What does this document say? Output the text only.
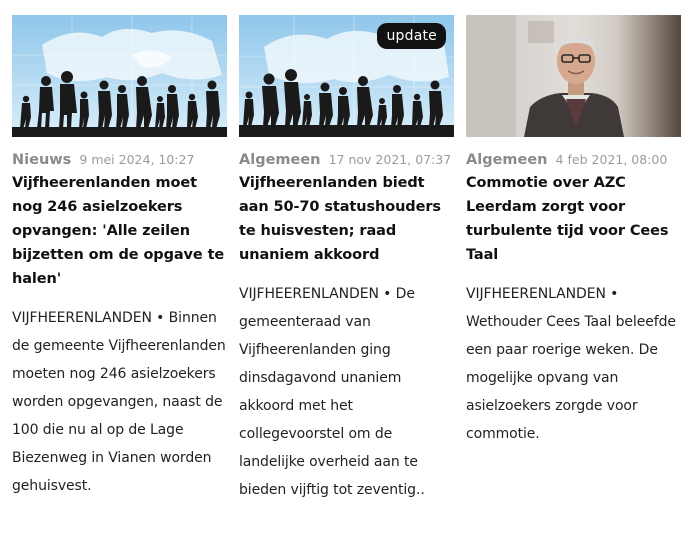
Nieuws 9 mei 2024, 10:27
Vijfheerenlanden moet nog 246 asielzoekers opvangen: 'Alle zeilen bijzetten om de opgave te halen'

VIJFHEERENLANDEN • Binnen de gemeente Vijfheerenlanden moeten nog 246 asielzoekers worden opgevangen, naast de 100 die nu al op de Lage Biezenweg in Vianen worden gehuisvest.

update
Algemeen 17 nov 2021, 07:37
Vijfheerenlanden biedt aan 50-70 statushouders te huisvesten; raad unaniem akkoord

VIJFHEERENLANDEN • De gemeenteraad van Vijfheerenlanden ging dinsdagavond unaniem akkoord met het collegevoorstel om de landelijke overheid aan te bieden vijftig tot zeventig..

Algemeen 4 feb 2021, 08:00
Commotie over AZC Leerdam zorgt voor turbulente tijd voor Cees Taal

VIJFHEERENLANDEN • Wethouder Cees Taal beleefde een paar roerige weken. De mogelijke opvang van asielzoekers zorgde voor commotie.
